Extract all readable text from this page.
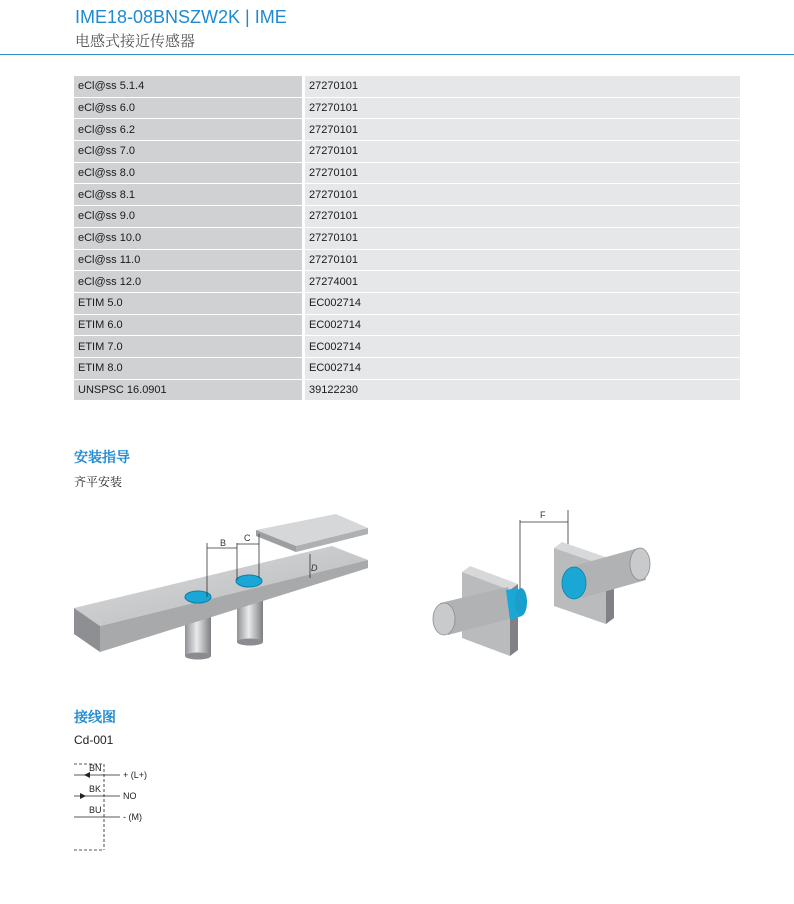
IME18-08BNSZW2K | IME
电感式接近传感器
eCl@ss 5.1.4	27270101
eCl@ss 6.0	27270101
eCl@ss 6.2	27270101
eCl@ss 7.0	27270101
eCl@ss 8.0	27270101
eCl@ss 8.1	27270101
eCl@ss 9.0	27270101
eCl@ss 10.0	27270101
eCl@ss 11.0	27270101
eCl@ss 12.0	27274001
ETIM 5.0	EC002714
ETIM 6.0	EC002714
ETIM 7.0	EC002714
ETIM 8.0	EC002714
UNSPSC 16.0901	39122230
安装指导
齐平安装
B C
D
F
接线图
Cd-001
BN
+ (L+)
BK
NO
BU
- (M)
